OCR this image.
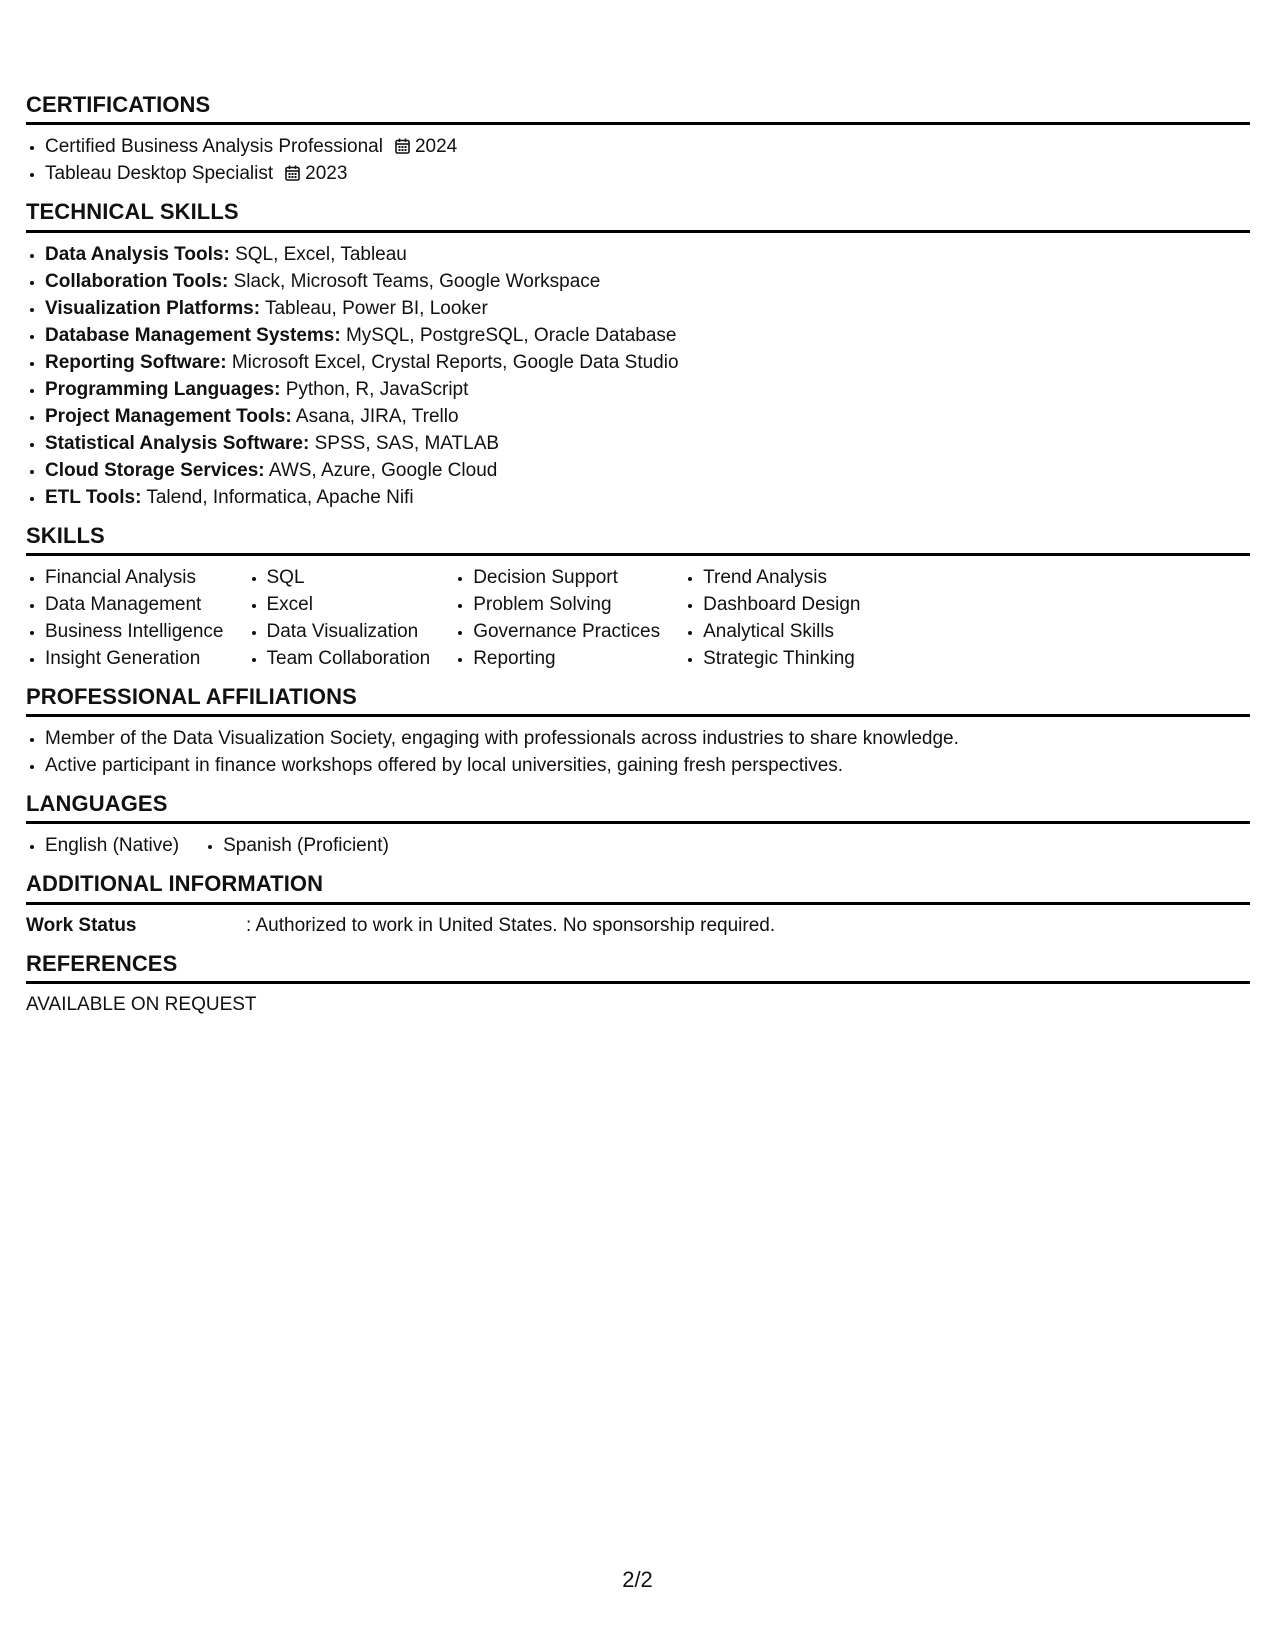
CERTIFICATIONS
• Certified Business Analysis Professional 2024
• Tableau Desktop Specialist 2023
TECHNICAL SKILLS
• Data Analysis Tools: SQL, Excel, Tableau
• Collaboration Tools: Slack, Microsoft Teams, Google Workspace
• Visualization Platforms: Tableau, Power BI, Looker
• Database Management Systems: MySQL, PostgreSQL, Oracle Database
• Reporting Software: Microsoft Excel, Crystal Reports, Google Data Studio
• Programming Languages: Python, R, JavaScript
• Project Management Tools: Asana, JIRA, Trello
• Statistical Analysis Software: SPSS, SAS, MATLAB
• Cloud Storage Services: AWS, Azure, Google Cloud
• ETL Tools: Talend, Informatica, Apache Nifi
SKILLS
• Financial Analysis
• Data Management
• Business Intelligence
• Insight Generation
• SQL
• Excel
• Data Visualization
• Team Collaboration
• Decision Support
• Problem Solving
• Governance Practices
• Reporting
• Trend Analysis
• Dashboard Design
• Analytical Skills
• Strategic Thinking
PROFESSIONAL AFFILIATIONS
• Member of the Data Visualization Society, engaging with professionals across industries to share knowledge.
• Active participant in finance workshops offered by local universities, gaining fresh perspectives.
LANGUAGES
• English (Native)
• Spanish (Proficient)
ADDITIONAL INFORMATION
Work Status	: Authorized to work in United States. No sponsorship required.
REFERENCES
AVAILABLE ON REQUEST
2/2
